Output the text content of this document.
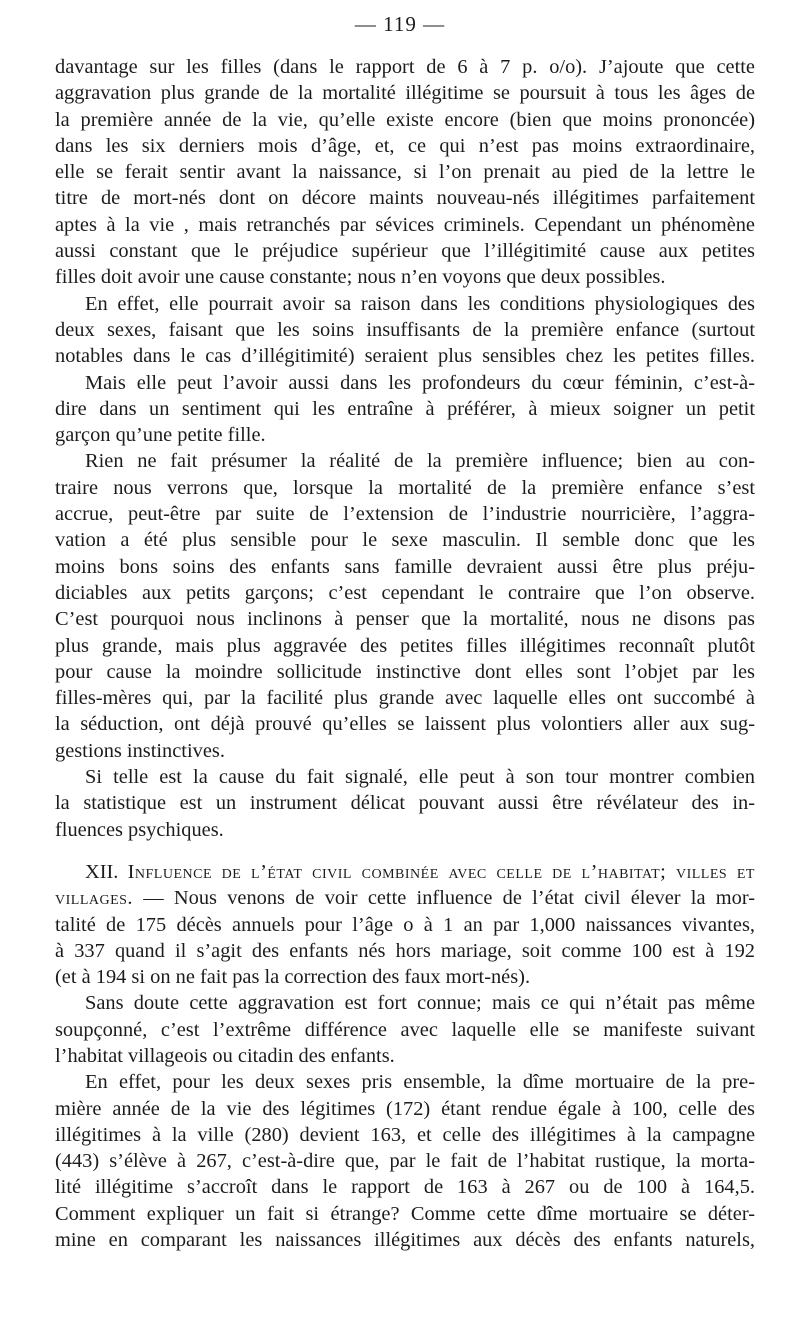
— 119 —

davantage sur les filles (dans le rapport de 6 à 7 p. o/o). J’ajoute que cette

aggravation plus grande de la mortalité illégitime se poursuit à tous les âges de

la première année de la vie, qu’elle existe encore (bien que moins prononcée)

dans les six derniers mois d’âge, et, ce qui n’est pas moins extraordinaire,

elle se ferait sentir avant la naissance, si l’on prenait au pied de la lettre le

titre de mort-nés dont on décore maints nouveau-nés illégitimes parfaitement

aptes à la vie , mais retranchés par sévices criminels. Cependant un phénomène

aussi constant que le préjudice supérieur que l’illégitimité cause aux petites

filles doit avoir une cause constante; nous n’en voyons que deux possibles.

En effet, elle pourrait avoir sa raison dans les conditions physiologiques des

deux sexes, faisant que les soins insuffisants de la première enfance (surtout

notables dans le cas d’illégitimité) seraient plus sensibles chez les petites filles.

Mais elle peut l’avoir aussi dans les profondeurs du cœur féminin, c’est-à-

dire dans un sentiment qui les entraîne à préférer, à mieux soigner un petit

garçon qu’une petite fille.

Rien ne fait présumer la réalité de la première influence; bien au con-

traire nous verrons que, lorsque la mortalité de la première enfance s’est

accrue, peut-être par suite de l’extension de l’industrie nourricière, l’aggra-

vation a été plus sensible pour le sexe masculin. Il semble donc que les

moins bons soins des enfants sans famille devraient aussi être plus préju-

diciables aux petits garçons; c’est cependant le contraire que l’on observe.

C’est pourquoi nous inclinons à penser que la mortalité, nous ne disons pas

plus grande, mais plus aggravée des petites filles illégitimes reconnaît plutôt

pour cause la moindre sollicitude instinctive dont elles sont l’objet par les

filles-mères qui, par la facilité plus grande avec laquelle elles ont succombé à

la séduction, ont déjà prouvé qu’elles se laissent plus volontiers aller aux sug-

gestions instinctives.

Si telle est la cause du fait signalé, elle peut à son tour montrer combien

la statistique est un instrument délicat pouvant aussi être révélateur des in-

fluences psychiques.

XII. Influence de l’état civil combinée avec celle de l’habitat; villes et

villages. — Nous venons de voir cette influence de l’état civil élever la mor-

talité de 175 décès annuels pour l’âge o à 1 an par 1,000 naissances vivantes,

à 337 quand il s’agit des enfants nés hors mariage, soit comme 100 est à 192

(et à 194 si on ne fait pas la correction des faux mort-nés).

Sans doute cette aggravation est fort connue; mais ce qui n’était pas même

soupçonné, c’est l’extrême différence avec laquelle elle se manifeste suivant

l’habitat villageois ou citadin des enfants.

En effet, pour les deux sexes pris ensemble, la dîme mortuaire de la pre-

mière année de la vie des légitimes (172) étant rendue égale à 100, celle des

illégitimes à la ville (280) devient 163, et celle des illégitimes à la campagne

(443) s’élève à 267, c’est-à-dire que, par le fait de l’habitat rustique, la morta-

lité illégitime s’accroît dans le rapport de 163 à 267 ou de 100 à 164,5.

Comment expliquer un fait si étrange? Comme cette dîme mortuaire se déter-

mine en comparant les naissances illégitimes aux décès des enfants naturels,
